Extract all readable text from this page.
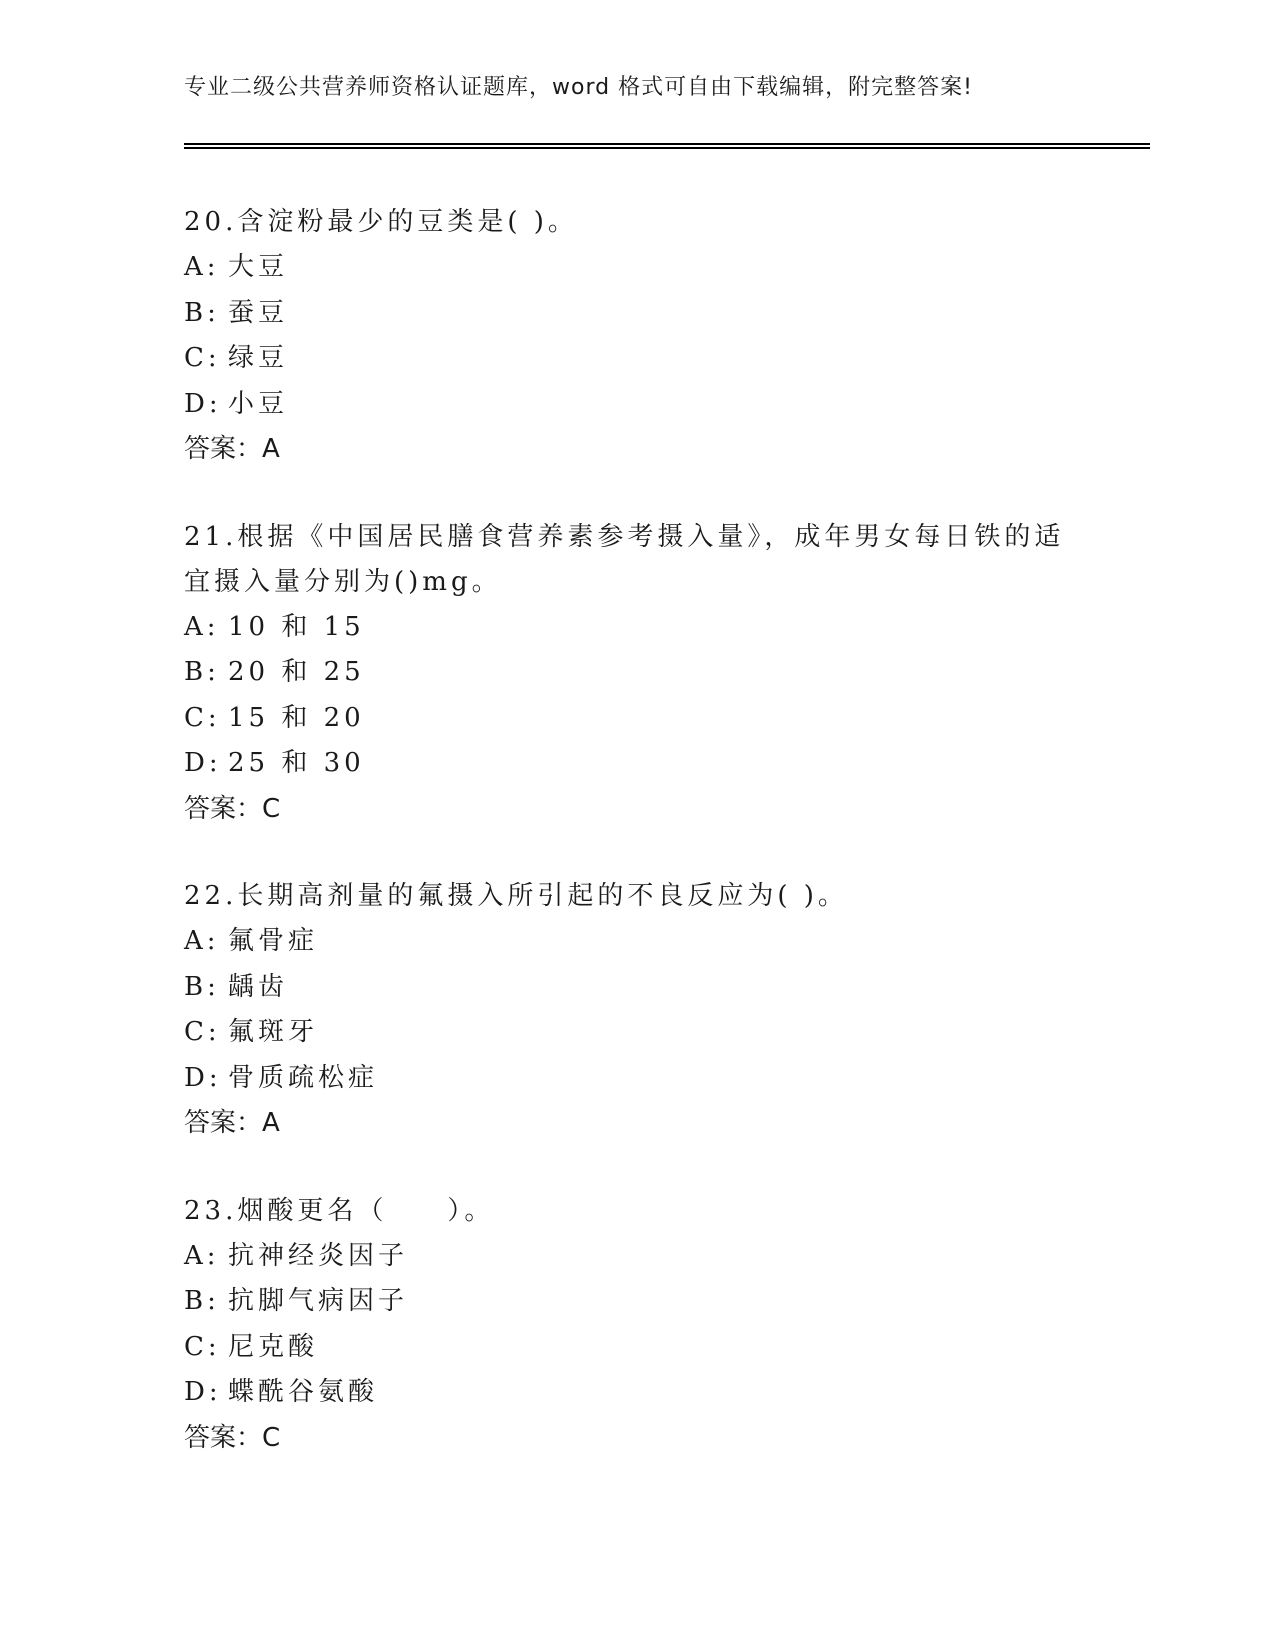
专业二级公共营养师资格认证题库，word 格式可自由下载编辑，附完整答案!

20.含淀粉最少的豆类是( )。

A: 大豆
B: 蚕豆
C: 绿豆
D: 小豆
答案：A

21.根据《中国居民膳食营养素参考摄入量》，成年男女每日铁的适宜摄入量分别为()mg。

A: 10 和 15
B: 20 和 25
C: 15 和 20
D: 25 和 30
答案：C

22.长期高剂量的氟摄入所引起的不良反应为( )。

A: 氟骨症
B: 龋齿
C: 氟斑牙
D: 骨质疏松症
答案：A

23.烟酸更名（　　）。

A: 抗神经炎因子
B: 抗脚气病因子
C: 尼克酸
D: 蝶酰谷氨酸
答案：C
